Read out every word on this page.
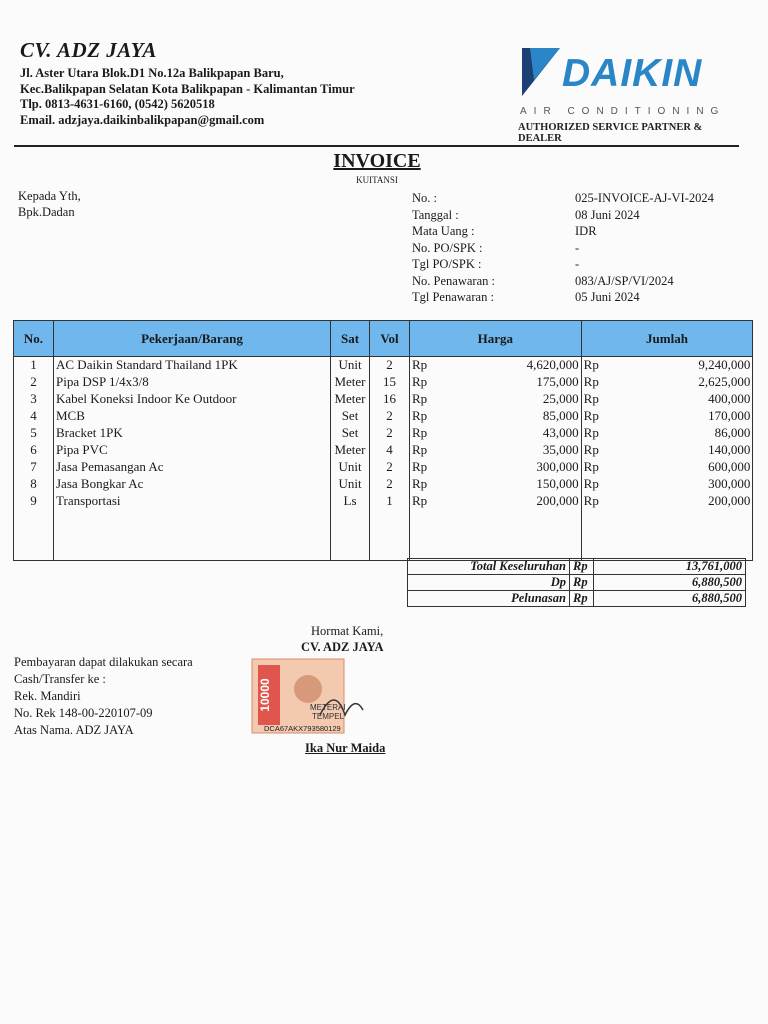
CV. ADZ JAYA
Jl. Aster Utara Blok.D1 No.12a Balikpapan Baru,
Kec.Balikpapan Selatan Kota Balikpapan - Kalimantan Timur
Tlp. 0813-4631-6160, (0542) 5620518
Email. adzjaya.daikinbalikpapan@gmail.com
DAIKIN
AIR CONDITIONING
AUTHORIZED SERVICE PARTNER & DEALER
INVOICE
KUITANSI
Kepada Yth,
Bpk.Dadan
No. :	025-INVOICE-AJ-VI-2024
Tanggal :	08 Juni 2024
Mata Uang :	IDR
No. PO/SPK :	-
Tgl PO/SPK :	-
No. Penawaran :	083/AJ/SP/VI/2024
Tgl Penawaran :	05 Juni 2024
No.	Pekerjaan/Barang	Sat	Vol	Harga		Jumlah	
1	AC Daikin Standard Thailand 1PK	Unit	2	Rp	4,620,000	Rp	9,240,000
2	Pipa DSP 1/4x3/8	Meter	15	Rp	175,000	Rp	2,625,000
3	Kabel Koneksi Indoor Ke Outdoor	Meter	16	Rp	25,000	Rp	400,000
4	MCB	Set	2	Rp	85,000	Rp	170,000
5	Bracket 1PK	Set	2	Rp	43,000	Rp	86,000
6	Pipa PVC	Meter	4	Rp	35,000	Rp	140,000
7	Jasa Pemasangan Ac	Unit	2	Rp	300,000	Rp	600,000
8	Jasa Bongkar Ac	Unit	2	Rp	150,000	Rp	300,000
9	Transportasi	Ls	1	Rp	200,000	Rp	200,000

Total Keseluruhan	Rp	13,761,000
Dp	Rp	6,880,500
Pelunasan	Rp	6,880,500
Hormat Kami,
CV. ADZ JAYA
10000	METERAI
TEMPEL
DCA67AKX793580129
Ika Nur Maida
Pembayaran dapat dilakukan secara
Cash/Transfer ke :
Rek. Mandiri
No. Rek 148-00-220107-09
Atas Nama. ADZ JAYA
